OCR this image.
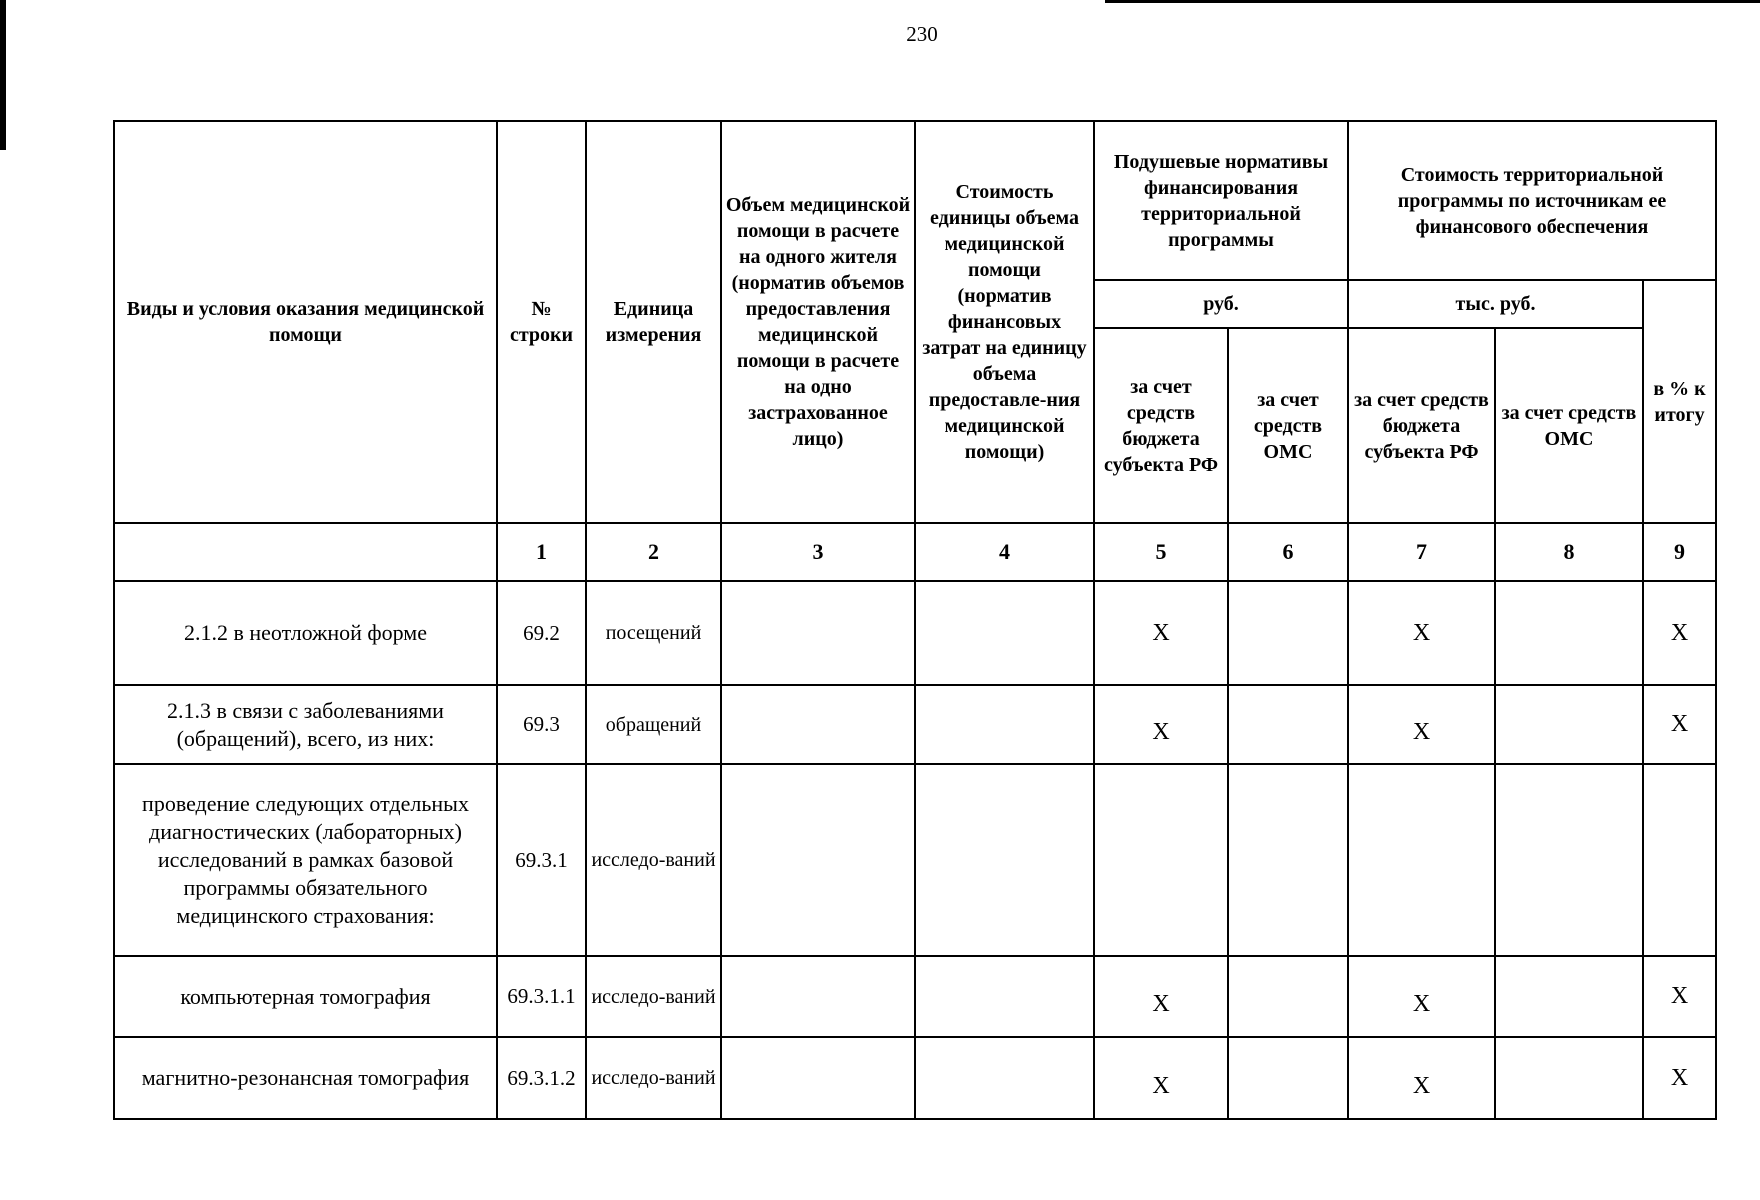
230
Виды и условия оказания медицинской помощи	№ строки	Единица измерения	Объем медицинской помощи в расчете на одного жителя (норматив объемов предоставления медицинской помощи в расчете на одно застрахованное лицо)	Стоимость единицы объема медицинской помощи (норматив финансовых затрат на единицу объема предоставле-ния медицинской помощи)	Подушевые нормативы финансирования территориальной программы		Стоимость территориальной программы по источникам ее финансового обеспечения		
					руб.		тыс. руб.		в % к итогу
					за счет средств бюджета субъекта РФ	за счет средств ОМС	за счет средств бюджета субъекта РФ	за счет средств ОМС	
	1	2	3	4	5	6	7	8	9
2.1.2 в неотложной форме	69.2	посещений			X		X		X
2.1.3 в связи с заболеваниями (обращений), всего, из них:	69.3	обращений			X		X		X
проведение следующих отдельных диагностических (лабораторных) исследований в рамках базовой программы обязательного медицинского страхования:	69.3.1	исследо-ваний							
компьютерная томография	69.3.1.1	исследо-ваний			X		X		X
магнитно-резонансная томография	69.3.1.2	исследо-ваний			X		X		X
